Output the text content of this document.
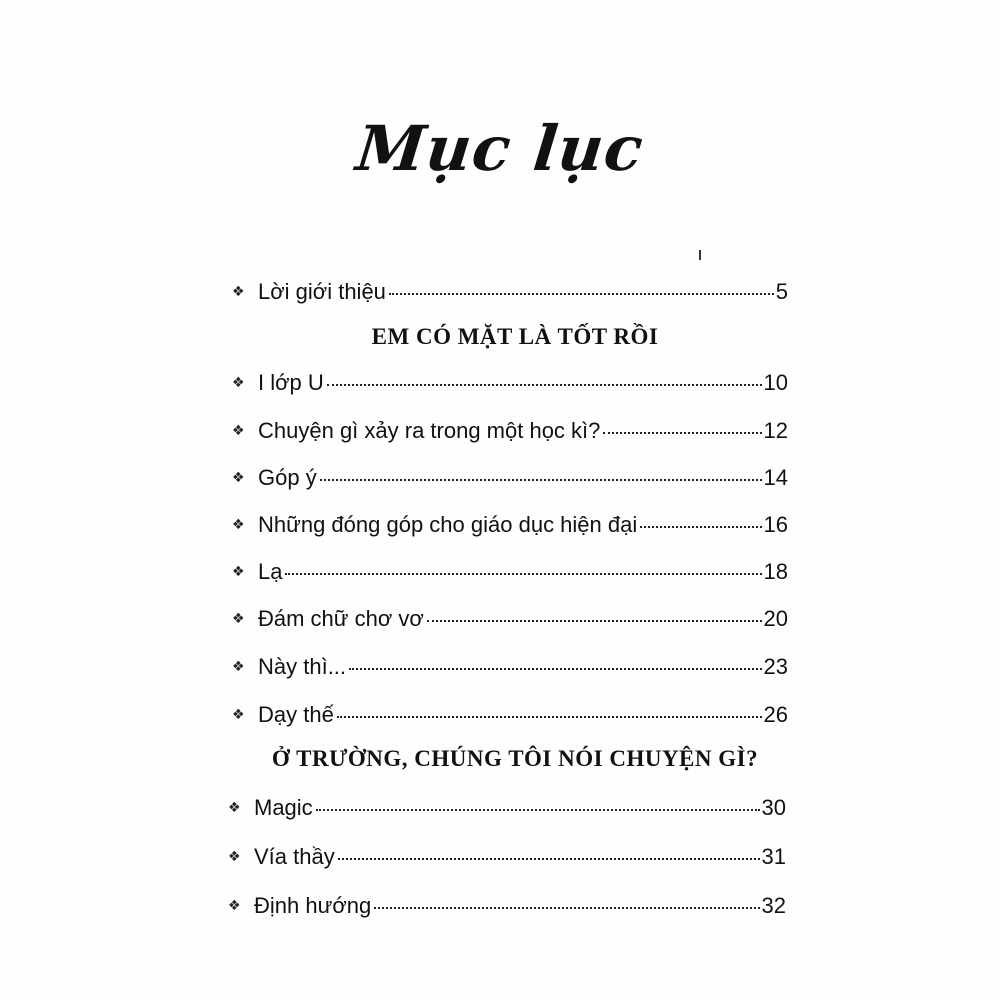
Mục lục
❖ Lời giới thiệu	5
EM CÓ MẶT LÀ TỐT RỒI
❖ I lớp U	10
❖ Chuyện gì xảy ra trong một học kì?	12
❖ Góp ý	14
❖ Những đóng góp cho giáo dục hiện đại	16
❖ Lạ	18
❖ Đám chữ chơ vơ	20
❖ Này thì...	23
❖ Dạy thế	26
Ở TRƯỜNG, CHÚNG TÔI NÓI CHUYỆN GÌ?
❖ Magic	30
❖ Vía thầy	31
❖ Định hướng	32
